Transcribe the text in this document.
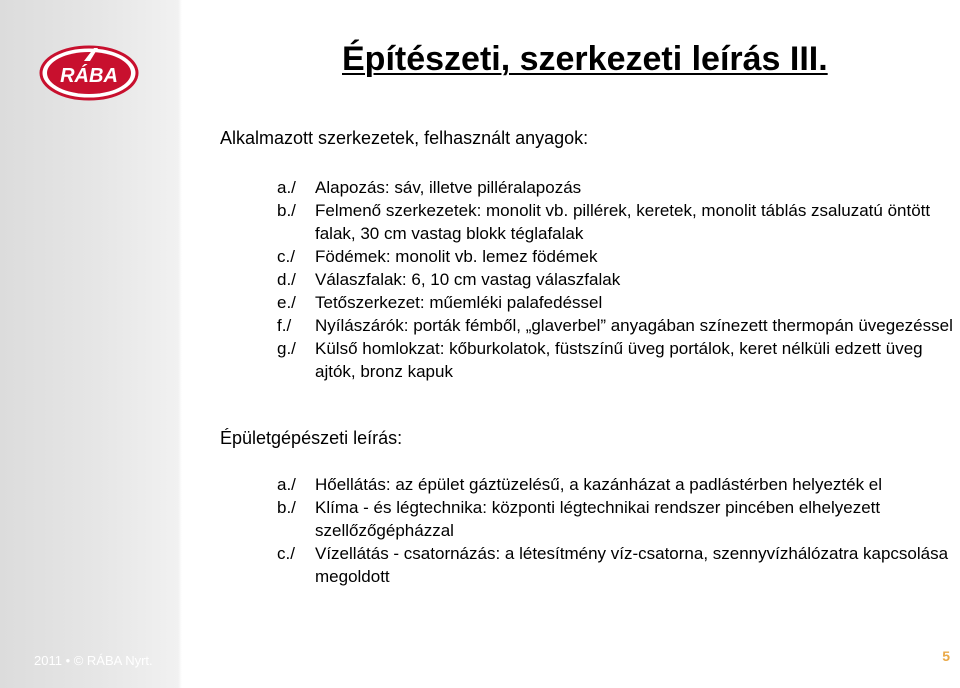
RÁBA	Építészeti, szerkezeti leírás III.
Alkalmazott szerkezetek, felhasznált anyagok:
a./	Alapozás: sáv, illetve pilléralapozás
b./	Felmenő szerkezetek: monolit vb. pillérek, keretek, monolit táblás zsaluzatú öntött falak, 30 cm vastag blokk téglafalak
c./	Födémek: monolit vb. lemez födémek
d./	Válaszfalak: 6, 10 cm vastag válaszfalak
e./	Tetőszerkezet: műemléki palafedéssel
f./	Nyílászárók: porták fémből, „glaverbel” anyagában színezett thermopán üvegezéssel
g./	Külső homlokzat: kőburkolatok, füstszínű üveg portálok, keret nélküli edzett üveg ajtók, bronz kapuk
Épületgépészeti leírás:
a./	Hőellátás: az épület gáztüzelésű, a kazánházat a padlástérben helyezték el
b./	Klíma - és légtechnika: központi légtechnikai rendszer pincében elhelyezett szellőzőgépházzal
c./	Vízellátás - csatornázás: a létesítmény víz-csatorna, szennyvízhálózatra kapcsolása megoldott
2011 • © RÁBA Nyrt.	5
